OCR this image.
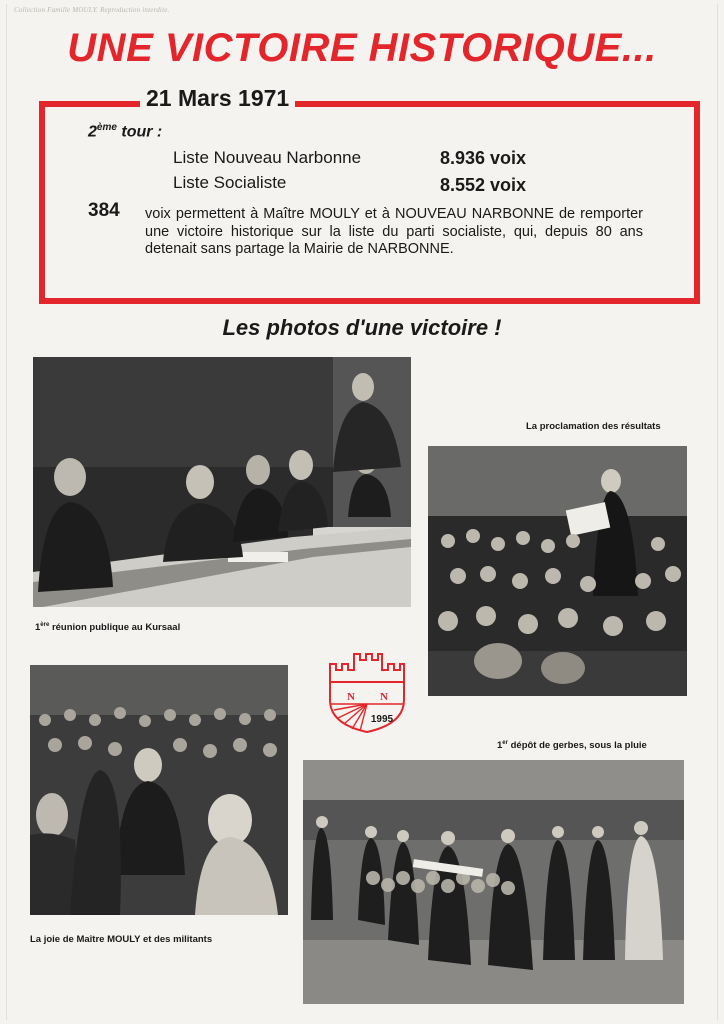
Collection Famille MOULY. Reproduction interdite.
UNE VICTOIRE HISTORIQUE...
21 Mars 1971
2ème tour :
Liste Nouveau Narbonne	8.936 voix
Liste Socialiste	8.552 voix
384 voix permettent à Maître MOULY et à NOUVEAU NARBONNE de remporter une victoire historique sur la liste du parti socialiste, qui, depuis 80 ans detenait sans partage la Mairie de NARBONNE.
Les photos d'une victoire !
1ère réunion publique au Kursaal
La proclamation des résultats
N N
1995
La joie de Maître MOULY et des militants
1er dépôt de gerbes, sous la pluie
